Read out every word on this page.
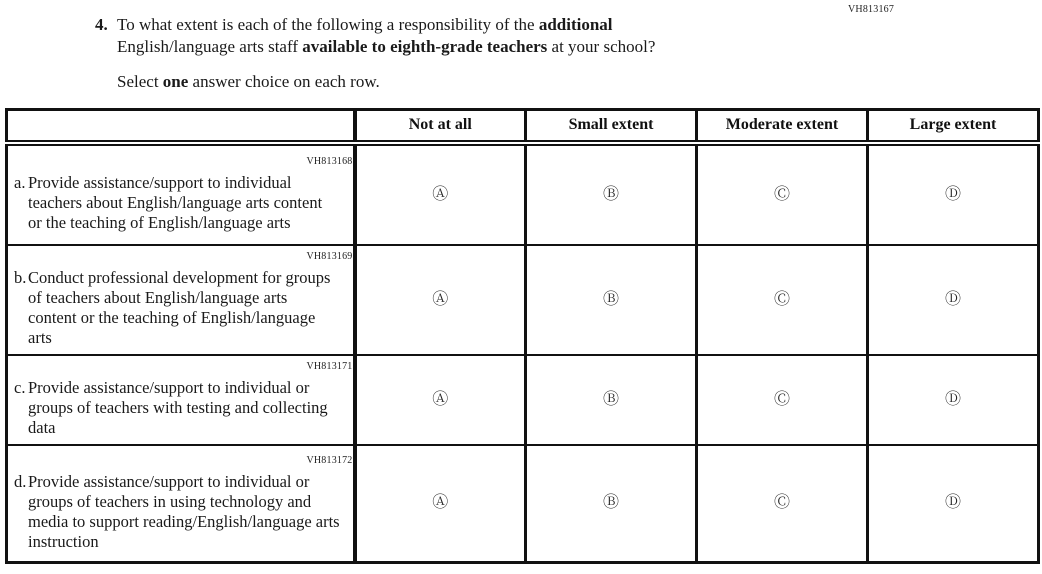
VH813167
4. To what extent is each of the following a responsibility of the additional
English/language arts staff available to eighth-grade teachers at your school?
Select one answer choice on each row.
	Not at all	Small extent	Moderate extent	Large extent

VH813168
a. Provide assistance/support to individual teachers about English/language arts content or the teaching of English/language arts	Ⓐ	Ⓑ	Ⓒ	Ⓓ

VH813169
b. Conduct professional development for groups of teachers about English/language arts content or the teaching of English/language arts	Ⓐ	Ⓑ	Ⓒ	Ⓓ

VH813171
c. Provide assistance/support to individual or groups of teachers with testing and collecting data	Ⓐ	Ⓑ	Ⓒ	Ⓓ

VH813172
d. Provide assistance/support to individual or groups of teachers in using technology and media to support reading/English/language arts instruction	Ⓐ	Ⓑ	Ⓒ	Ⓓ
